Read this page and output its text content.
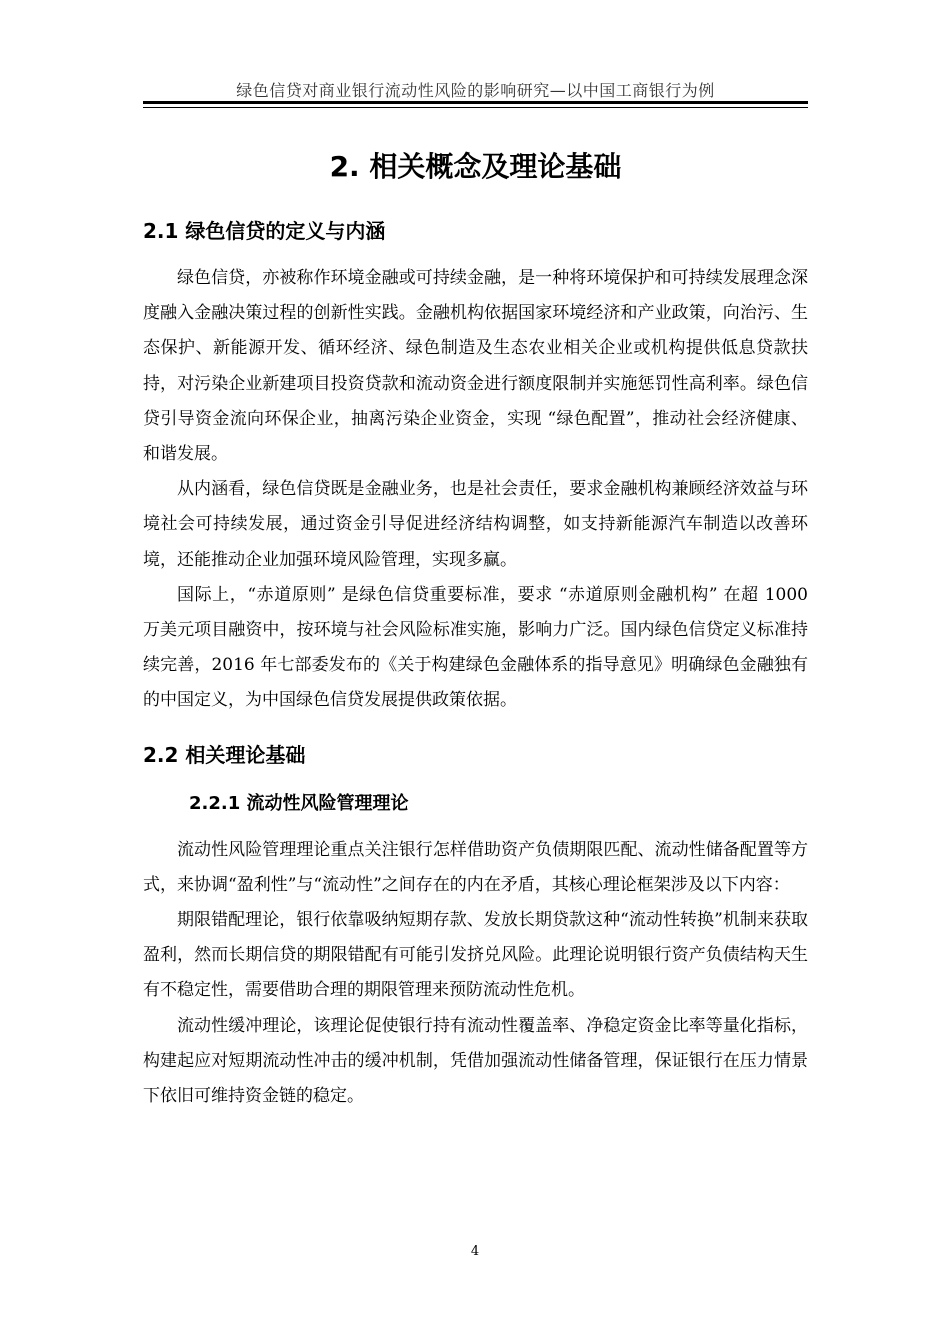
绿色信贷对商业银行流动性风险的影响研究—以中国工商银行为例
2. 相关概念及理论基础
2.1 绿色信贷的定义与内涵

绿色信贷，亦被称作环境金融或可持续金融，是一种将环境保护和可持续发展理念深度融入金融决策过程的创新性实践。金融机构依据国家环境经济和产业政策，向治污、生态保护、新能源开发、循环经济、绿色制造及生态农业相关企业或机构提供低息贷款扶持，对污染企业新建项目投资贷款和流动资金进行额度限制并实施惩罚性高利率。绿色信贷引导资金流向环保企业，抽离污染企业资金，实现 “绿色配置”，推动社会经济健康、和谐发展。

从内涵看，绿色信贷既是金融业务，也是社会责任，要求金融机构兼顾经济效益与环境社会可持续发展，通过资金引导促进经济结构调整，如支持新能源汽车制造以改善环境，还能推动企业加强环境风险管理，实现多赢。

国际上，“赤道原则” 是绿色信贷重要标准，要求 “赤道原则金融机构” 在超 1000 万美元项目融资中，按环境与社会风险标准实施，影响力广泛。国内绿色信贷定义标准持续完善，2016 年七部委发布的《关于构建绿色金融体系的指导意见》明确绿色金融独有的中国定义，为中国绿色信贷发展提供政策依据。

2.2 相关理论基础
2.2.1 流动性风险管理理论

流动性风险管理理论重点关注银行怎样借助资产负债期限匹配、流动性储备配置等方式，来协调“盈利性”与“流动性”之间存在的内在矛盾，其核心理论框架涉及以下内容：

期限错配理论，银行依靠吸纳短期存款、发放长期贷款这种“流动性转换”机制来获取盈利，然而长期信贷的期限错配有可能引发挤兑风险。此理论说明银行资产负债结构天生有不稳定性，需要借助合理的期限管理来预防流动性危机。

流动性缓冲理论，该理论促使银行持有流动性覆盖率、净稳定资金比率等量化指标，构建起应对短期流动性冲击的缓冲机制，凭借加强流动性储备管理，保证银行在压力情景下依旧可维持资金链的稳定。

4
